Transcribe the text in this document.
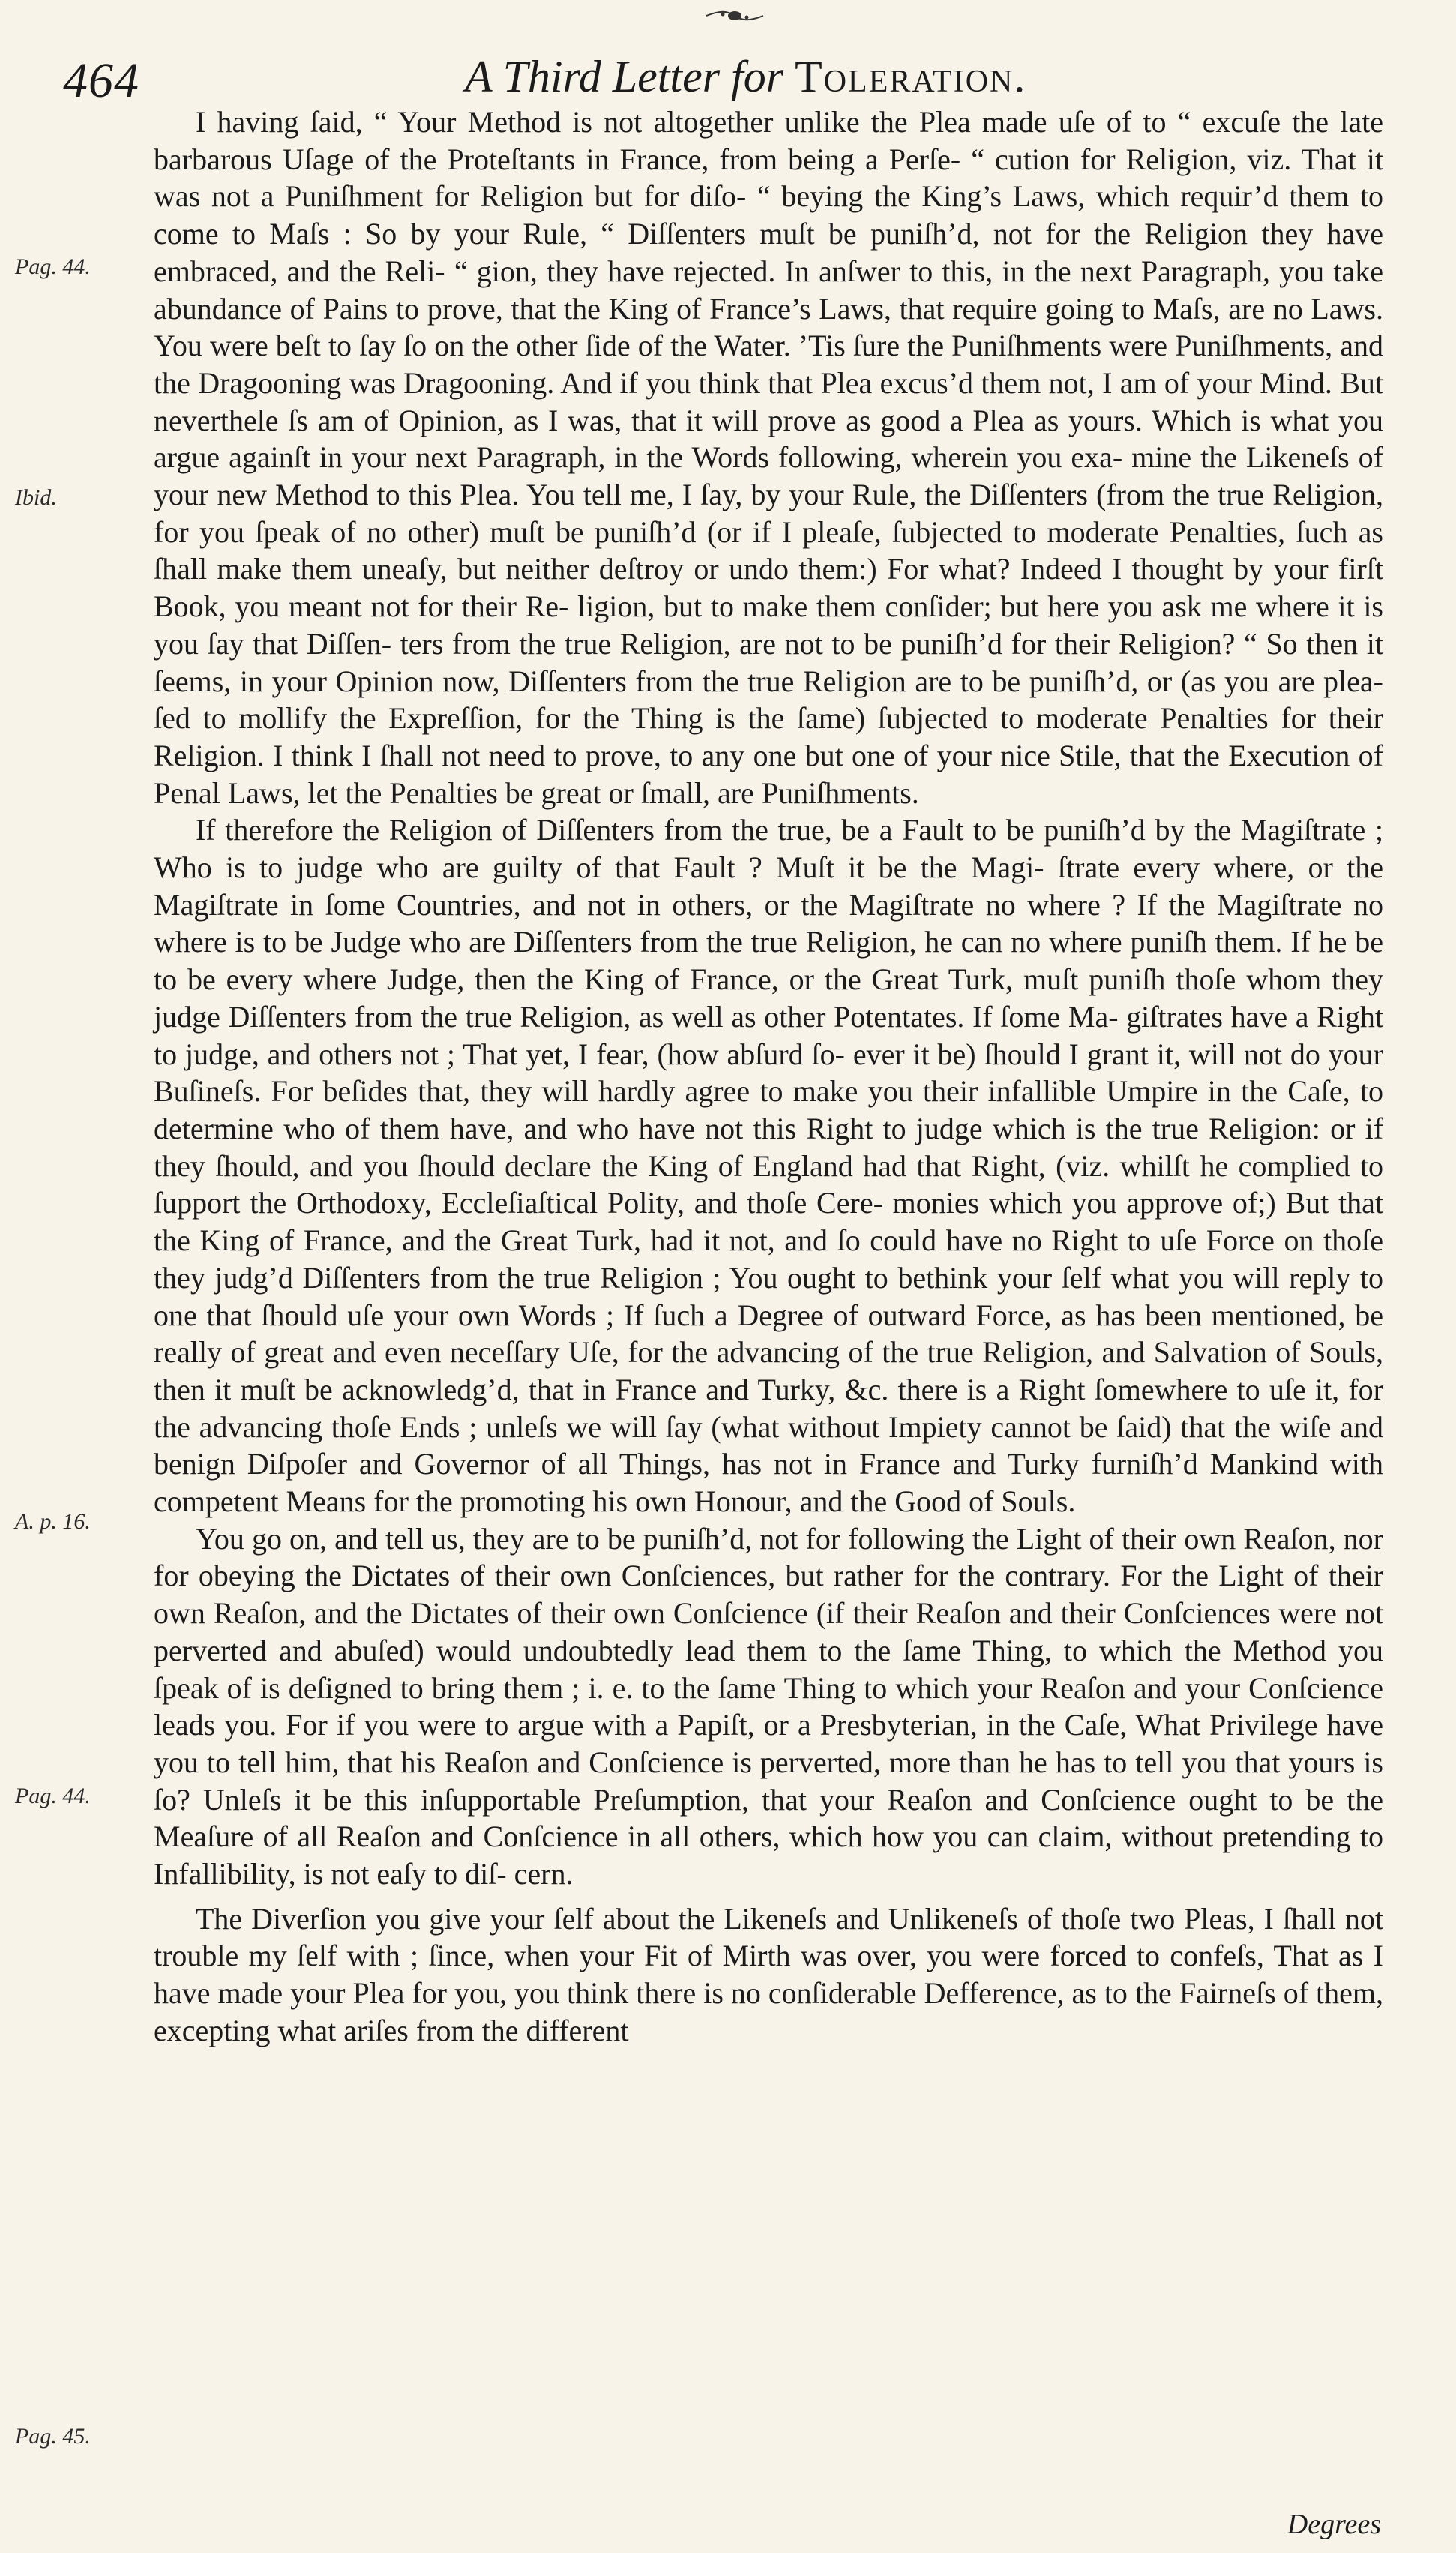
464	A Third Letter for Toleration.
Pag. 44.
Ibid.
A. p. 16.
Pag. 44.
Pag. 45.

I having ſaid, “ Your Method is not altogether unlike the Plea made uſe of to “ excuſe the late barbarous Uſage of the Proteſtants in France, from being a Perſe- “ cution for Religion, viz. That it was not a Puniſhment for Religion but for diſo- “ beying the King’s Laws, which requir’d them to come to Maſs : So by your Rule, “ Diſſenters muſt be puniſh’d, not for the Religion they have embraced, and the Reli- “ gion, they have rejected. In anſwer to this, in the next Paragraph, you take abundance of Pains to prove, that the King of France’s Laws, that require going to Maſs, are no Laws. You were beſt to ſay ſo on the other ſide of the Water. ’Tis ſure the Puniſhments were Puniſhments, and the Dragooning was Dragooning. And if you think that Plea excus’d them not, I am of your Mind. But neverthele ſs am of Opinion, as I was, that it will prove as good a Plea as yours. Which is what you argue againſt in your next Paragraph, in the Words following, wherein you exa- mine the Likeneſs of your new Method to this Plea. You tell me, I ſay, by your Rule, the Diſſenters (from the true Religion, for you ſpeak of no other) muſt be puniſh’d (or if I pleaſe, ſubjected to moderate Penalties, ſuch as ſhall make them uneaſy, but neither deſtroy or undo them:) For what? Indeed I thought by your firſt Book, you meant not for their Re- ligion, but to make them conſider; but here you ask me where it is you ſay that Diſſen- ters from the true Religion, are not to be puniſh’d for their Religion? “ So then it ſeems, in your Opinion now, Diſſenters from the true Religion are to be puniſh’d, or (as you are plea- ſed to mollify the Expreſſion, for the Thing is the ſame) ſubjected to moderate Penalties for their Religion. I think I ſhall not need to prove, to any one but one of your nice Stile, that the Execution of Penal Laws, let the Penalties be great or ſmall, are Puniſhments.

If therefore the Religion of Diſſenters from the true, be a Fault to be puniſh’d by the Magiſtrate ; Who is to judge who are guilty of that Fault ? Muſt it be the Magi- ſtrate every where, or the Magiſtrate in ſome Countries, and not in others, or the Magiſtrate no where ? If the Magiſtrate no where is to be Judge who are Diſſenters from the true Religion, he can no where puniſh them. If he be to be every where Judge, then the King of France, or the Great Turk, muſt puniſh thoſe whom they judge Diſſenters from the true Religion, as well as other Potentates. If ſome Ma- giſtrates have a Right to judge, and others not ; That yet, I fear, (how abſurd ſo- ever it be) ſhould I grant it, will not do your Buſineſs. For beſides that, they will hardly agree to make you their infallible Umpire in the Caſe, to determine who of them have, and who have not this Right to judge which is the true Religion: or if they ſhould, and you ſhould declare the King of England had that Right, (viz. whilſt he complied to ſupport the Orthodoxy, Eccleſiaſtical Polity, and thoſe Cere- monies which you approve of;) But that the King of France, and the Great Turk, had it not, and ſo could have no Right to uſe Force on thoſe they judg’d Diſſenters from the true Religion ; You ought to bethink your ſelf what you will reply to one that ſhould uſe your own Words ; If ſuch a Degree of outward Force, as has been mentioned, be really of great and even neceſſary Uſe, for the advancing of the true Religion, and Salvation of Souls, then it muſt be acknowledg’d, that in France and Turky, &c. there is a Right ſomewhere to uſe it, for the advancing thoſe Ends ; unleſs we will ſay (what without Impiety cannot be ſaid) that the wiſe and benign Diſpoſer and Governor of all Things, has not in France and Turky furniſh’d Mankind with competent Means for the promoting his own Honour, and the Good of Souls.

You go on, and tell us, they are to be puniſh’d, not for following the Light of their own Reaſon, nor for obeying the Dictates of their own Conſciences, but rather for the contrary. For the Light of their own Reaſon, and the Dictates of their own Conſcience (if their Reaſon and their Conſciences were not perverted and abuſed) would undoubtedly lead them to the ſame Thing, to which the Method you ſpeak of is deſigned to bring them ; i. e. to the ſame Thing to which your Reaſon and your Conſcience leads you. For if you were to argue with a Papiſt, or a Presbyterian, in the Caſe, What Privilege have you to tell him, that his Reaſon and Conſcience is perverted, more than he has to tell you that yours is ſo? Unleſs it be this inſupportable Preſumption, that your Reaſon and Conſcience ought to be the Meaſure of all Reaſon and Conſcience in all others, which how you can claim, without pretending to Infallibility, is not eaſy to diſ- cern.

The Diverſion you give your ſelf about the Likeneſs and Unlikeneſs of thoſe two Pleas, I ſhall not trouble my ſelf with ; ſince, when your Fit of Mirth was over, you were forced to confeſs, That as I have made your Plea for you, you think there is no conſiderable Defference, as to the Fairneſs of them, excepting what ariſes from the different

Degrees
